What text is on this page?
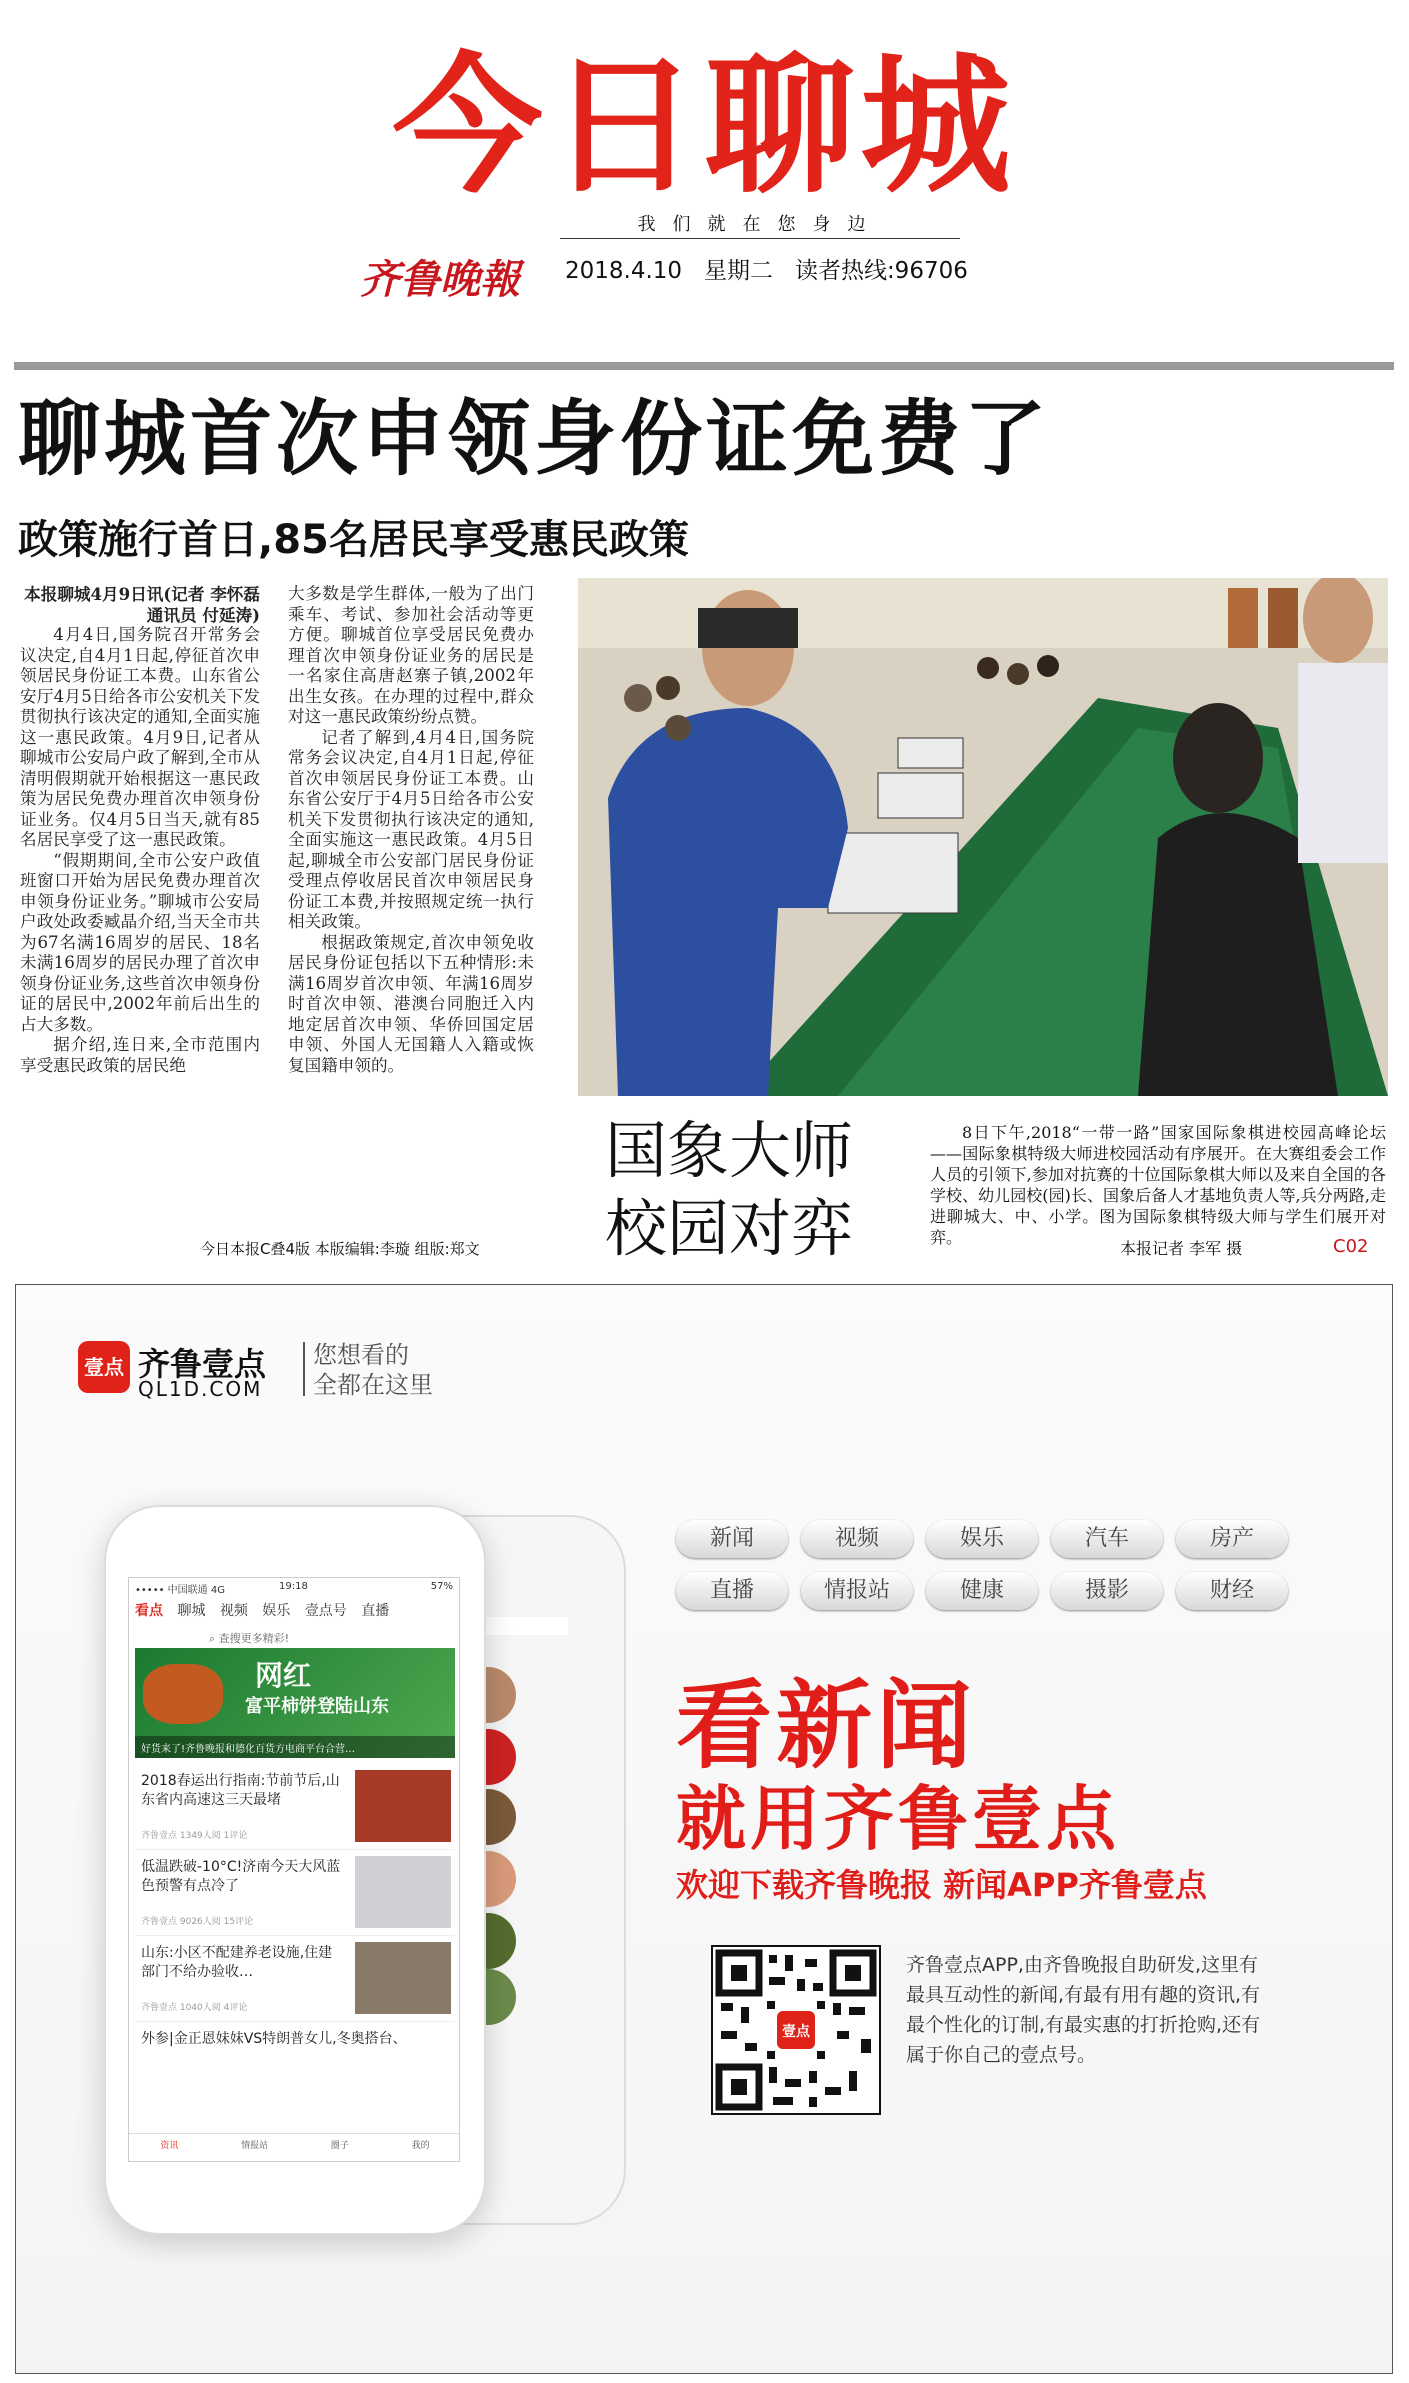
今日聊城
我们就在您身边
齐鲁晚報 2018.4.10 星期二 读者热线:96706
聊城首次申领身份证免费了
政策施行首日,85名居民享受惠民政策
本报聊城4月9日讯(记者 李怀磊 通讯员 付延涛)

4月4日,国务院召开常务会议决定,自4月1日起,停征首次申领居民身份证工本费。山东省公安厅4月5日给各市公安机关下发贯彻执行该决定的通知,全面实施这一惠民政策。4月9日,记者从聊城市公安局户政了解到,全市从清明假期就开始根据这一惠民政策为居民免费办理首次申领身份证业务。仅4月5日当天,就有85名居民享受了这一惠民政策。

“假期期间,全市公安户政值班窗口开始为居民免费办理首次申领身份证业务。”聊城市公安局户政处政委臧晶介绍,当天全市共为67名满16周岁的居民、18名未满16周岁的居民办理了首次申领身份证业务,这些首次申领身份证的居民中,2002年前后出生的占大多数。

据介绍,连日来,全市范围内享受惠民政策的居民绝

大多数是学生群体,一般为了出门乘车、考试、参加社会活动等更方便。聊城首位享受居民免费办理首次申领身份证业务的居民是一名家住高唐赵寨子镇,2002年出生女孩。在办理的过程中,群众对这一惠民政策纷纷点赞。

记者了解到,4月4日,国务院常务会议决定,自4月1日起,停征首次申领居民身份证工本费。山东省公安厅于4月5日给各市公安机关下发贯彻执行该决定的通知,全面实施这一惠民政策。4月5日起,聊城全市公安部门居民身份证受理点停收居民首次申领居民身份证工本费,并按照规定统一执行相关政策。

根据政策规定,首次申领免收居民身份证包括以下五种情形:未满16周岁首次申领、年满16周岁时首次申领、港澳台同胞迁入内地定居首次申领、华侨回国定居申领、外国人无国籍人入籍或恢复国籍申领的。

国象大师
校园对弈

8日下午,2018“一带一路”国家国际象棋进校园高峰论坛——国际象棋特级大师进校园活动有序展开。在大赛组委会工作人员的引领下,参加对抗赛的十位国际象棋大师以及来自全国的各学校、幼儿园校(园)长、国象后备人才基地负责人等,兵分两路,走进聊城大、中、小学。图为国际象棋特级大师与学生们展开对弈。

本报记者 李军 摄	C02
今日本报C叠4版 本版编辑:李璇 组版:郑文
壹点 齐鲁壹点
QL1D.COM
您想看的
全都在这里
••••• 中国联通 4G	19:18	57%
看点 聊城 视频 娱乐 壹点号 直播
⌕ 查搜更多精彩!
网红
富平柿饼登陆山东
好货来了!齐鲁晚报和德化百货方电商平台合营…
2018春运出行指南:节前节后,山东省内高速这三天最堵
齐鲁壹点 1349人阅 1评论
低温跌破-10°C!济南今天大风蓝色预警有点冷了
齐鲁壹点 9026人阅 15评论
山东:小区不配建养老设施,住建部门不给办验收…
齐鲁壹点 1040人阅 4评论
外参|金正恩妹妹VS特朗普女儿,冬奥搭台、
资讯	情报站	圈子	我的
新闻	视频	娱乐	汽车	房产
直播	情报站	健康	摄影	财经
看新闻
就用齐鲁壹点
欢迎下载齐鲁晚报 新闻APP齐鲁壹点
壹点
齐鲁壹点APP,由齐鲁晚报自助研发,这里有最具互动性的新闻,有最有用有趣的资讯,有最个性化的订制,有最实惠的打折抢购,还有属于你自己的壹点号。
